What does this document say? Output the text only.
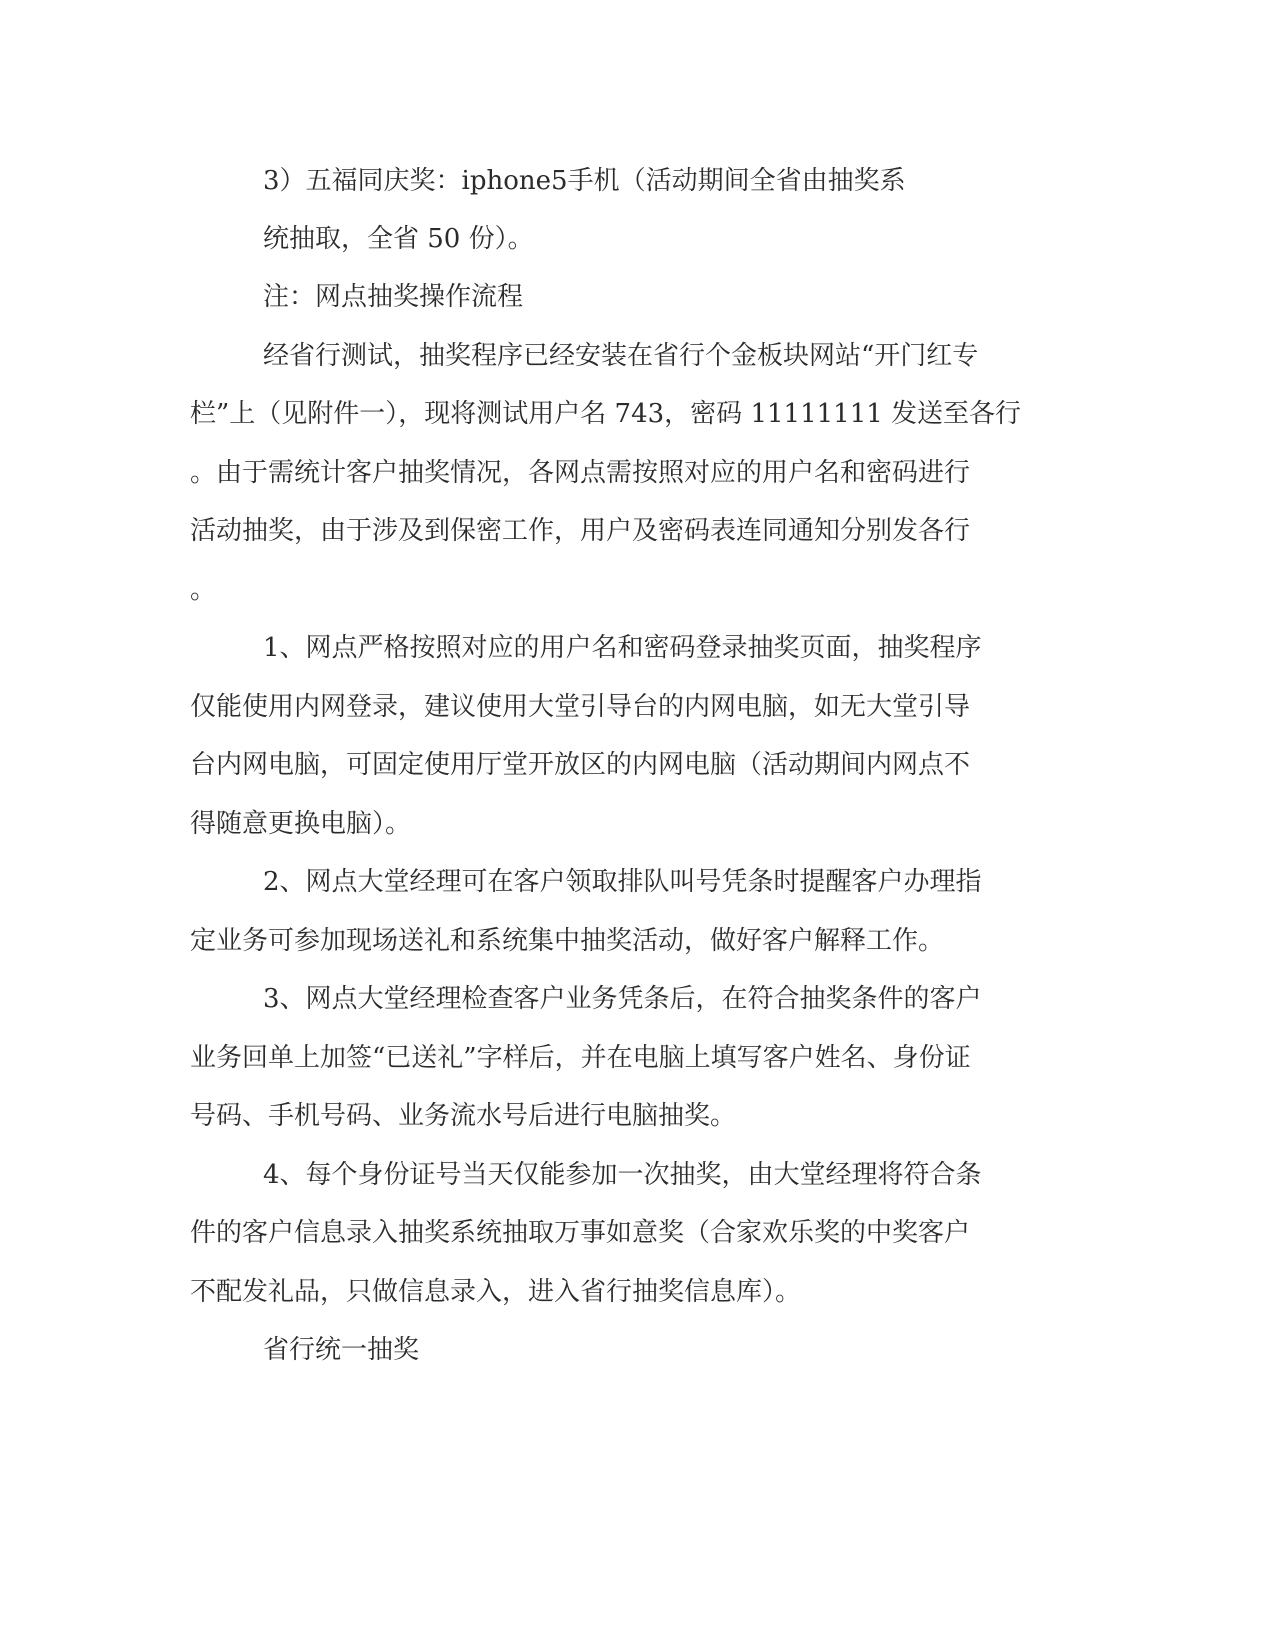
3）五福同庆奖：iphone5手机（活动期间全省由抽奖系
统抽取，全省 50 份）。
注：网点抽奖操作流程
经省行测试，抽奖程序已经安装在省行个金板块网站“开门红专
栏”上（见附件一），现将测试用户名 743，密码 11111111 发送至各行
。由于需统计客户抽奖情况，各网点需按照对应的用户名和密码进行
活动抽奖，由于涉及到保密工作，用户及密码表连同通知分别发各行
。
1、网点严格按照对应的用户名和密码登录抽奖页面，抽奖程序
仅能使用内网登录，建议使用大堂引导台的内网电脑，如无大堂引导
台内网电脑，可固定使用厅堂开放区的内网电脑（活动期间内网点不
得随意更换电脑）。
2、网点大堂经理可在客户领取排队叫号凭条时提醒客户办理指
定业务可参加现场送礼和系统集中抽奖活动，做好客户解释工作。
3、网点大堂经理检查客户业务凭条后，在符合抽奖条件的客户
业务回单上加签“已送礼”字样后，并在电脑上填写客户姓名、身份证
号码、手机号码、业务流水号后进行电脑抽奖。
4、每个身份证号当天仅能参加一次抽奖，由大堂经理将符合条
件的客户信息录入抽奖系统抽取万事如意奖（合家欢乐奖的中奖客户
不配发礼品，只做信息录入，进入省行抽奖信息库）。
省行统一抽奖
